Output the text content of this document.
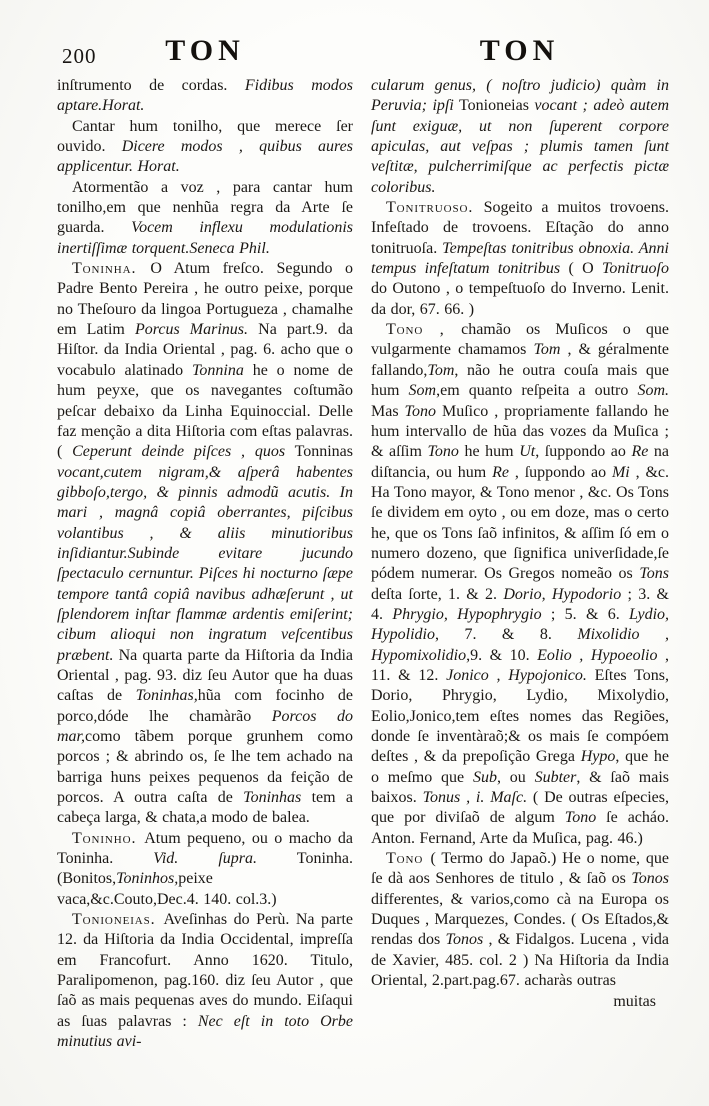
200	TON	TON

inſtrumento de cordas. Fidibus modos aptare.Horat.

Cantar hum tonilho, que merece ſer ouvido. Dicere modos , quibus aures applicentur. Horat.

Atormentão a voz , para cantar hum tonilho,em que nenhũa regra da Arte ſe guarda. Vocem inflexu modulationis inertiſſimæ torquent.Seneca Phil.

Toninha. O Atum freſco. Segundo o Padre Bento Pereira , he outro peixe, porque no Theſouro da lingoa Portugueza , chamalhe em Latim Porcus Marinus. Na part.9. da Hiſtor. da India Oriental , pag. 6. acho que o vocabulo alatinado Tonnina he o nome de hum peyxe, que os navegantes coſtumão peſcar debaixo da Linha Equinoccial. Delle faz menção a dita Hiſtoria com eſtas palavras. ( Ceperunt deinde piſces , quos Tonninas vocant,cutem nigram,& aſperâ habentes gibboſo,tergo, & pinnis admodũ acutis. In mari , magnâ copiâ oberrantes, piſcibus volantibus , & aliis minutioribus inſidiantur.Subinde evitare jucundo ſpectaculo cernuntur. Piſces hi nocturno ſæpe tempore tantâ copiâ navibus adhæſerunt , ut ſplendorem inſtar flammæ ardentis emiſerint; cibum alioqui non ingratum veſcentibus præbent. Na quarta parte da Hiſtoria da India Oriental , pag. 93. diz ſeu Autor que ha duas caſtas de Toninhas,hũa com focinho de porco,dóde lhe chamàrão Porcos do mar,como tãbem porque grunhem como porcos ; & abrindo os, ſe lhe tem achado na barriga huns peixes pequenos da feição de porcos. A outra caſta de Toninhas tem a cabeça larga, & chata,a modo de balea.

Toninho. Atum pequeno, ou o macho da Toninha. Vid. ſupra. Toninha. (Bonitos,Toninhos,peixe vaca,&c.Couto,Dec.4. 140. col.3.)

Tonioneias. Aveſinhas do Perù. Na parte 12. da Hiſtoria da India Occidental, impreſſa em Francofurt. Anno 1620. Titulo, Paralipomenon, pag.160. diz ſeu Autor , que ſaõ as mais pequenas aves do mundo. Eiſaqui as ſuas palavras : Nec eſt in toto Orbe minutius avi-

cularum genus, ( noſtro judicio) quàm in Peruvia; ipſi Tonioneias vocant ; adeò autem ſunt exiguæ, ut non ſuperent corpore apiculas, aut veſpas ; plumis tamen ſunt veſtitæ, pulcherrimiſque ac perfectis pictæ coloribus.

Tonitruoso. Sogeito a muitos trovoens. Infeſtado de trovoens. Eſtação do anno tonitruoſa. Tempeſtas tonitribus obnoxia. Anni tempus infeſtatum tonitribus ( O Tonitruoſo do Outono , o tempeſtuoſo do Inverno. Lenit. da dor, 67. 66. )

Tono , chamão os Muſicos o que vulgarmente chamamos Tom , & géralmente fallando,Tom, não he outra couſa mais que hum Som,em quanto reſpeita a outro Som. Mas Tono Muſico , propriamente fallando he hum intervallo de hũa das vozes da Muſica ; & aſſim Tono he hum Ut, ſuppondo ao Re na diſtancia, ou hum Re , ſuppondo ao Mi , &c. Ha Tono mayor, & Tono menor , &c. Os Tons ſe dividem em oyto , ou em doze, mas o certo he, que os Tons ſaõ infinitos, & aſſim ſó em o numero dozeno, que ſignifica univerſidade,ſe pódem numerar. Os Gregos nomeão os Tons deſta ſorte, 1. & 2. Dorio, Hypodorio ; 3. & 4. Phrygio, Hypophrygio ; 5. & 6. Lydio, Hypolidio, 7. & 8. Mixolidio , Hypomixolidio,9. & 10. Eolio , Hypoeolio , 11. & 12. Jonico , Hypojonico. Eſtes Tons, Dorio, Phrygio, Lydio, Mixolydio, Eolio,Jonico,tem eſtes nomes das Regiões, donde ſe inventàraõ;& os mais ſe compóem deſtes , & da prepoſição Grega Hypo, que he o meſmo que Sub, ou Subter, & ſaõ mais baixos. Tonus , i. Maſc. ( De outras eſpecies, que por diviſaõ de algum Tono ſe acháo. Anton. Fernand, Arte da Muſica, pag. 46.)

Tono ( Termo do Japaõ.) He o nome, que ſe dà aos Senhores de titulo , & ſaõ os Tonos differentes, & varios,como cà na Europa os Duques , Marquezes, Condes. ( Os Eſtados,& rendas dos Tonos , & Fidalgos. Lucena , vida de Xavier, 485. col. 2 ) Na Hiſtoria da India Oriental, 2.part.pag.67. acharàs outras

muitas
